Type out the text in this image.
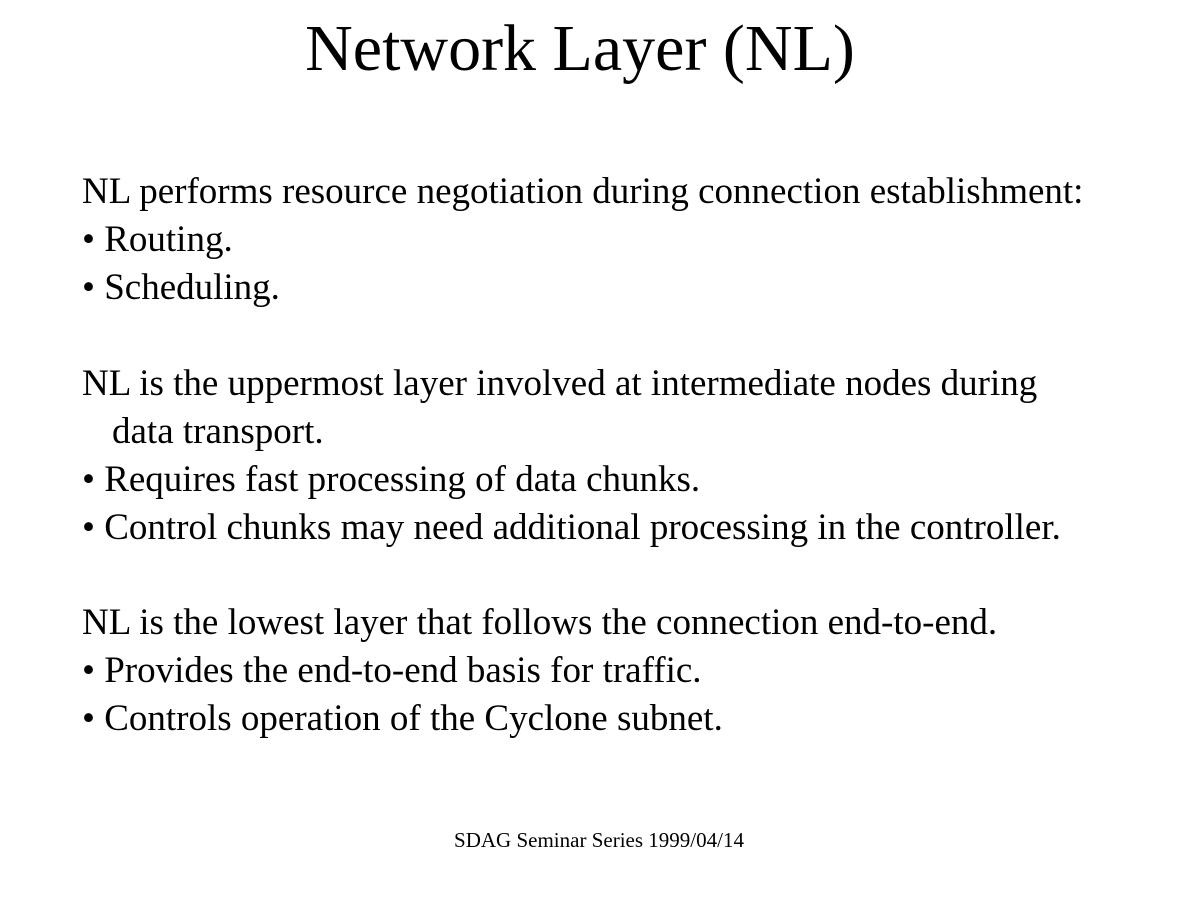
Network Layer (NL)
NL performs resource negotiation during connection establishment:
• Routing.
• Scheduling.
NL is the uppermost layer involved at intermediate nodes during
data transport.
• Requires fast processing of data chunks.
• Control chunks may need additional processing in the controller.
NL is the lowest layer that follows the connection end-to-end.
• Provides the end-to-end basis for traffic.
• Controls operation of the Cyclone subnet.
SDAG Seminar Series 1999/04/14
